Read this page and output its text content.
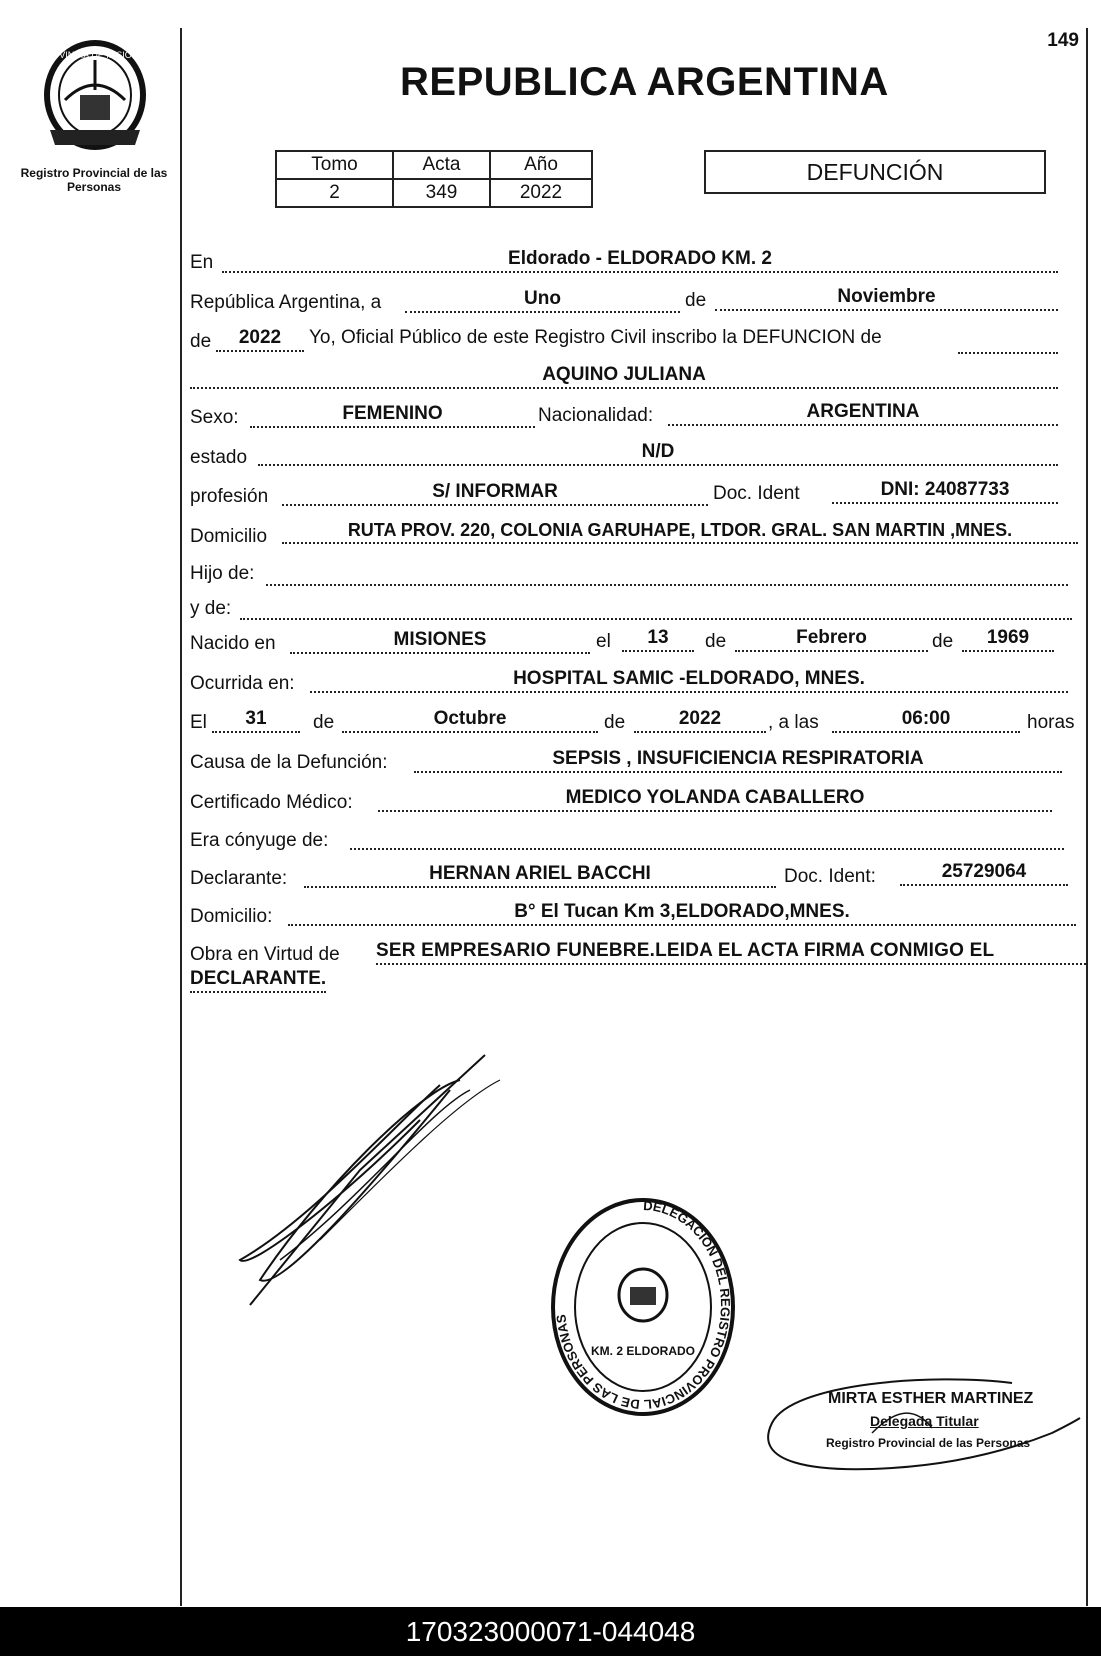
149
PROVINCIA DE MISIONES
Registro Provincial de las Personas
REPUBLICA ARGENTINA
Tomo	Acta	Año
2	349	2022
DEFUNCIÓN
En	Eldorado - ELDORADO KM. 2
República Argentina, a	Uno	de	Noviembre
de	2022	Yo, Oficial Público de este Registro Civil inscribo la DEFUNCION de
AQUINO JULIANA
Sexo:	FEMENINO	Nacionalidad:	ARGENTINA
estado	N/D
profesión	S/ INFORMAR	Doc. Ident	DNI: 24087733
Domicilio	RUTA PROV. 220, COLONIA GARUHAPE, LTDOR. GRAL. SAN MARTIN ,MNES.
Hijo de:
y de:
Nacido en	MISIONES	el	13	de	Febrero	de	1969
Ocurrida en:	HOSPITAL SAMIC -ELDORADO, MNES.
El	31	de	Octubre	de	2022	, a las	06:00	horas
Causa de la Defunción:	SEPSIS , INSUFICIENCIA RESPIRATORIA
Certificado Médico:	MEDICO YOLANDA CABALLERO
Era cónyuge de:
Declarante:	HERNAN ARIEL BACCHI	Doc. Ident:	25729064
Domicilio:	B° El Tucan Km 3,ELDORADO,MNES.
Obra en Virtud de SER EMPRESARIO FUNEBRE.LEIDA EL ACTA FIRMA CONMIGO EL
DECLARANTE.
DELEGACION DEL REGISTRO PROVINCIAL DE LAS PERSONAS
KM. 2 ELDORADO
MIRTA ESTHER MARTINEZ
Delegada Titular
Registro Provincial de las Personas
170323000071-044048
